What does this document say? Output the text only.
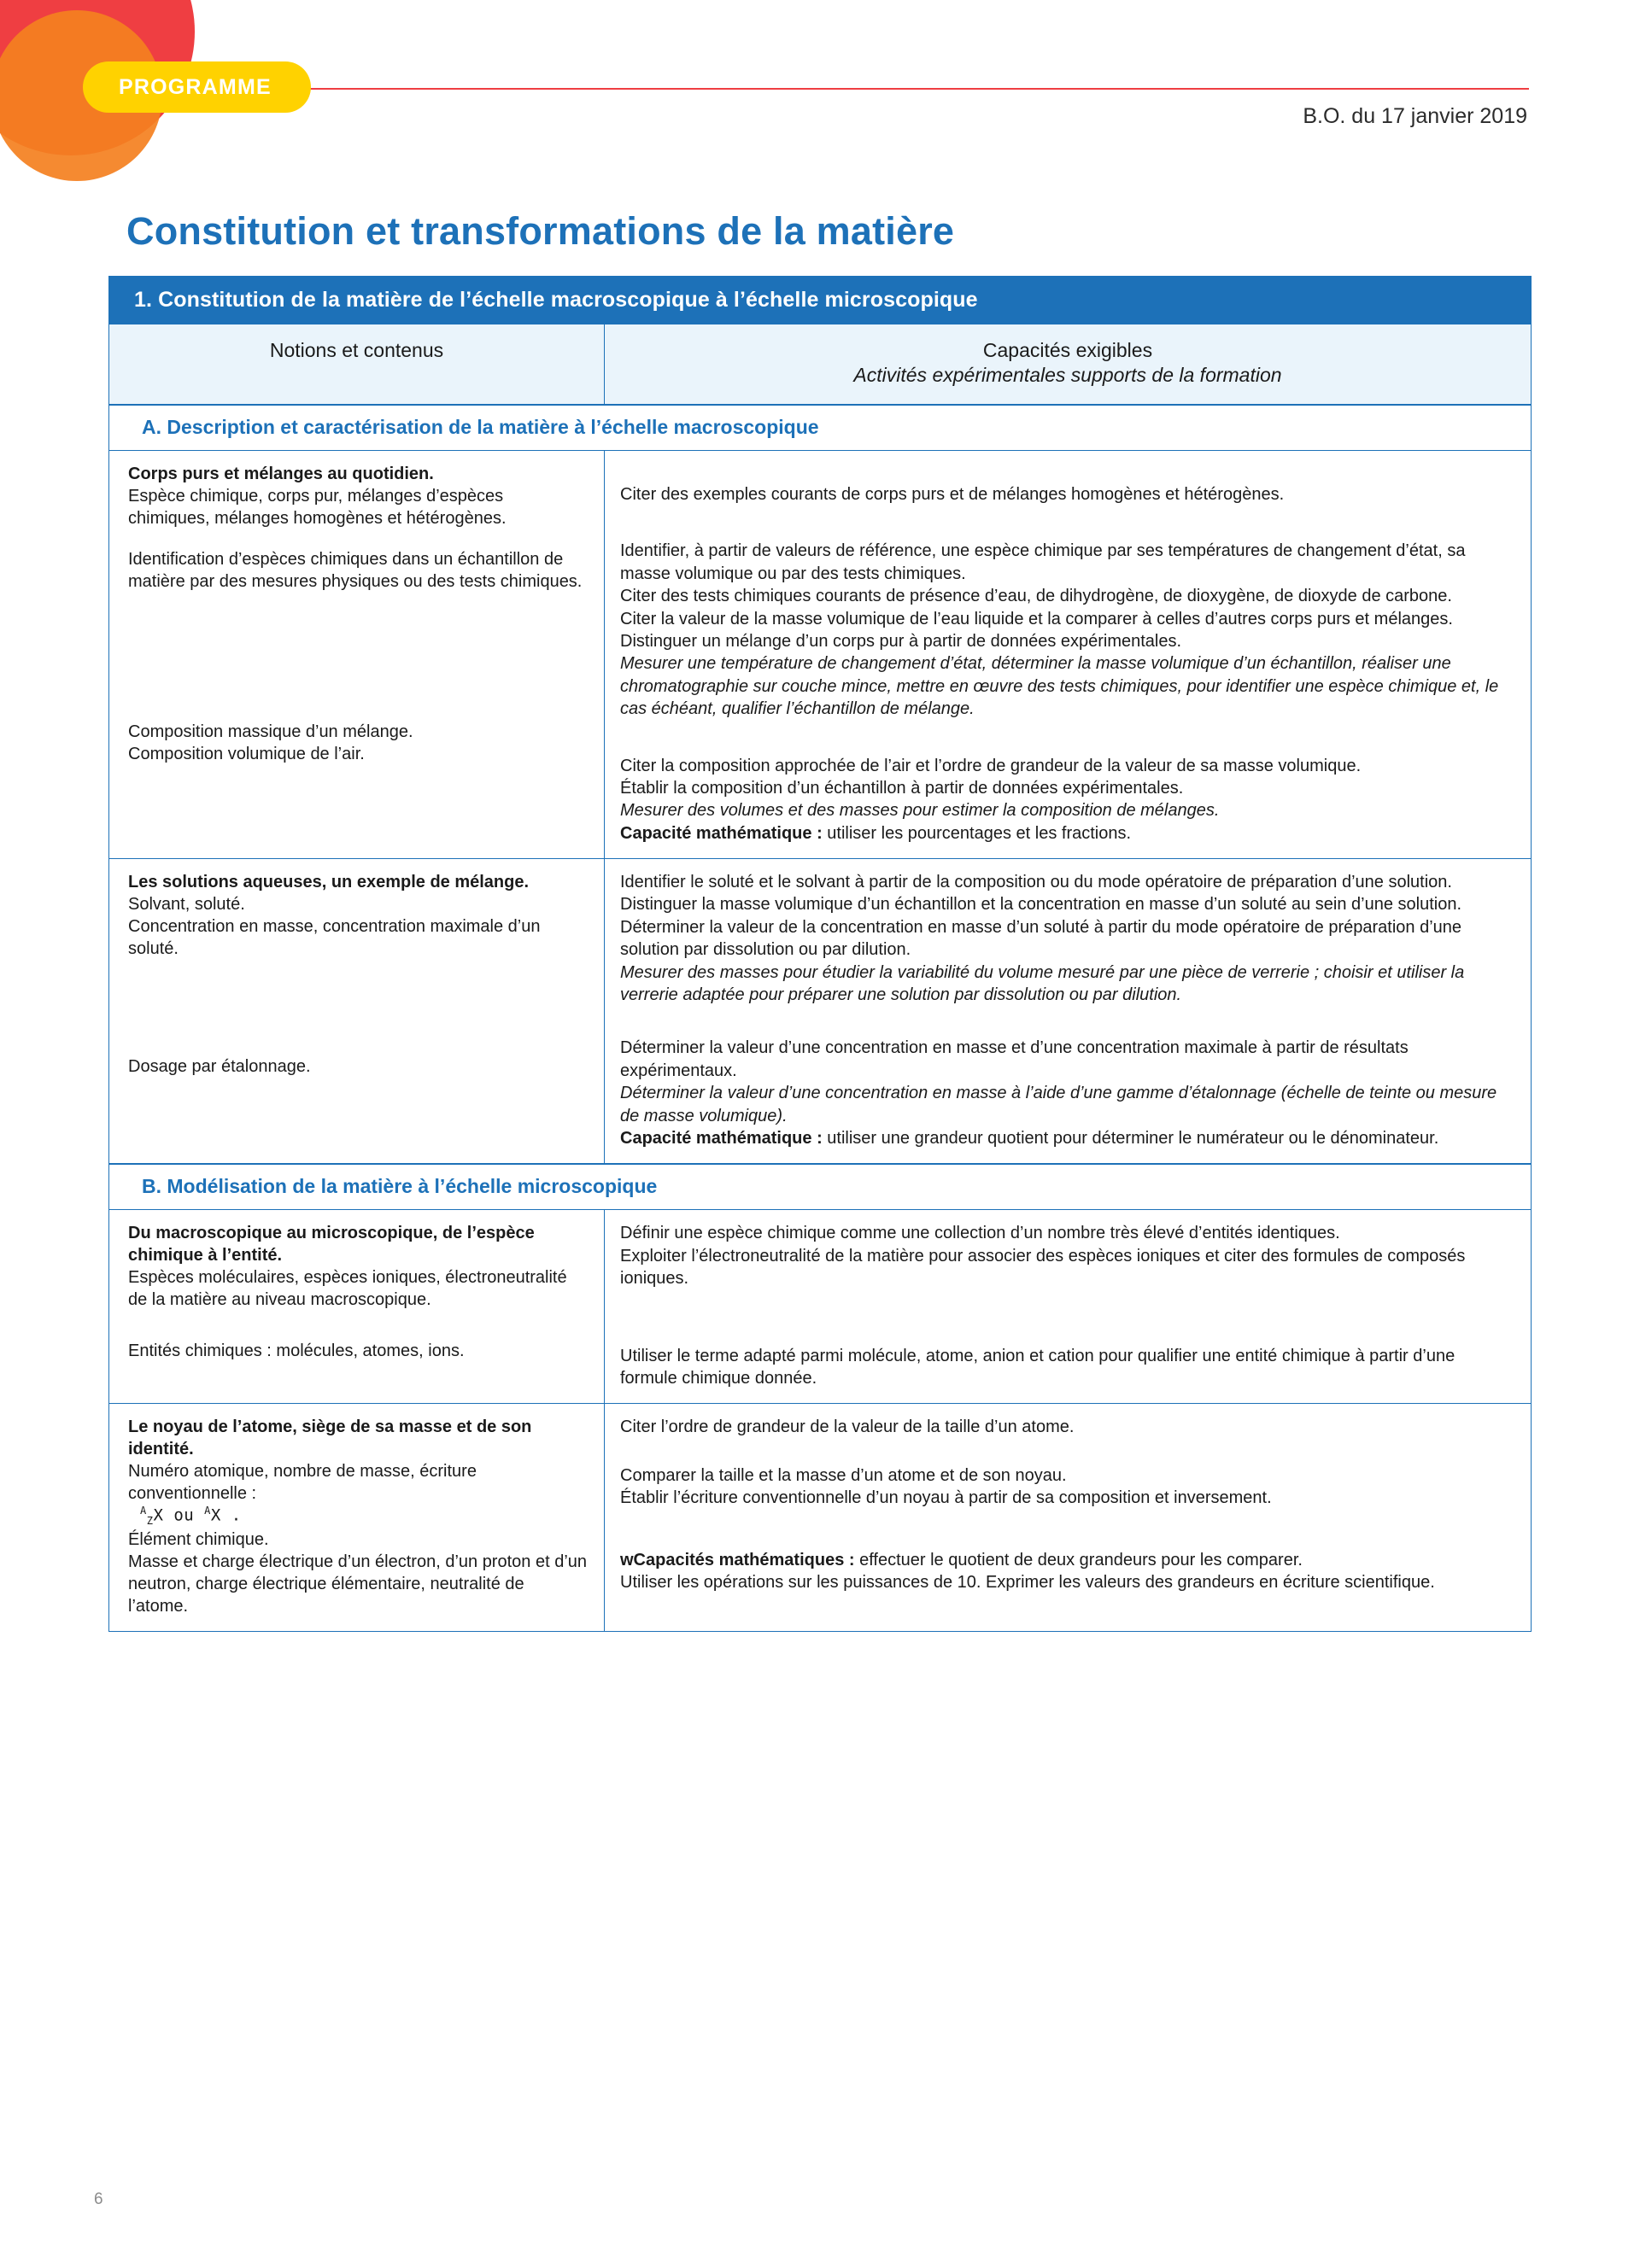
PROGRAMME
B.O. du 17 janvier 2019
Constitution et transformations de la matière
1. Constitution de la matière de l’échelle macroscopique à l’échelle microscopique
Notions et contenus	Capacités exigibles
Activités expérimentales supports de la formation
A. Description et caractérisation de la matière à l’échelle macroscopique

Corps purs et mélanges au quotidien.

Espèce chimique, corps pur, mélanges d’espèces chimiques, mélanges homogènes et hétérogènes.

Identification d’espèces chimiques dans un échantillon de matière par des mesures physiques ou des tests chimiques.

Composition massique d’un mélange.

Composition volumique de l’air.

Citer des exemples courants de corps purs et de mélanges homogènes et hétérogènes.

Identifier, à partir de valeurs de référence, une espèce chimique par ses températures de changement d’état, sa masse volumique ou par des tests chimiques.

Citer des tests chimiques courants de présence d’eau, de dihydrogène, de dioxygène, de dioxyde de carbone.

Citer la valeur de la masse volumique de l’eau liquide et la comparer à celles d’autres corps purs et mélanges.

Distinguer un mélange d’un corps pur à partir de données expérimentales.

Mesurer une température de changement d’état, déterminer la masse volumique d’un échantillon, réaliser une chromatographie sur couche mince, mettre en œuvre des tests chimiques, pour identifier une espèce chimique et, le cas échéant, qualifier l’échantillon de mélange.

Citer la composition approchée de l’air et l’ordre de grandeur de la valeur de sa masse volumique.

Établir la composition d’un échantillon à partir de données expérimentales.

Mesurer des volumes et des masses pour estimer la composition de mélanges.

Capacité mathématique : utiliser les pourcentages et les fractions.

Les solutions aqueuses, un exemple de mélange.

Solvant, soluté.

Concentration en masse, concentration maximale d’un soluté.

Dosage par étalonnage.

Identifier le soluté et le solvant à partir de la composition ou du mode opératoire de préparation d’une solution.

Distinguer la masse volumique d’un échantillon et la concentration en masse d’un soluté au sein d’une solution.

Déterminer la valeur de la concentration en masse d’un soluté à partir du mode opératoire de préparation d’une solution par dissolution ou par dilution.

Mesurer des masses pour étudier la variabilité du volume mesuré par une pièce de verrerie ; choisir et utiliser la verrerie adaptée pour préparer une solution par dissolution ou par dilution.

Déterminer la valeur d’une concentration en masse et d’une concentration maximale à partir de résultats expérimentaux.

Déterminer la valeur d’une concentration en masse à l’aide d’une gamme d’étalonnage (échelle de teinte ou mesure de masse volumique).

Capacité mathématique : utiliser une grandeur quotient pour déterminer le numérateur ou le dénominateur.

B. Modélisation de la matière à l’échelle microscopique

Du macroscopique au microscopique, de l’espèce chimique à l’entité.

Espèces moléculaires, espèces ioniques, électroneutralité de la matière au niveau macroscopique.

Entités chimiques : molécules, atomes, ions.

Définir une espèce chimique comme une collection d’un nombre très élevé d’entités identiques.

Exploiter l’électroneutralité de la matière pour associer des espèces ioniques et citer des formules de composés ioniques.

Utiliser le terme adapté parmi molécule, atome, anion et cation pour qualifier une entité chimique à partir d’une formule chimique donnée.

Le noyau de l’atome, siège de sa masse et de son identité.

Numéro atomique, nombre de masse, écriture conventionnelle :

$^A_Z$X ou $^A$X .

Élément chimique.

Masse et charge électrique d’un électron, d’un proton et d’un neutron, charge électrique élémentaire, neutralité de l’atome.

Citer l’ordre de grandeur de la valeur de la taille d’un atome.

Comparer la taille et la masse d’un atome et de son noyau.

Établir l’écriture conventionnelle d’un noyau à partir de sa composition et inversement.

wCapacités mathématiques : effectuer le quotient de deux grandeurs pour les comparer.

Utiliser les opérations sur les puissances de 10. Exprimer les valeurs des grandeurs en écriture scientifique.

6
